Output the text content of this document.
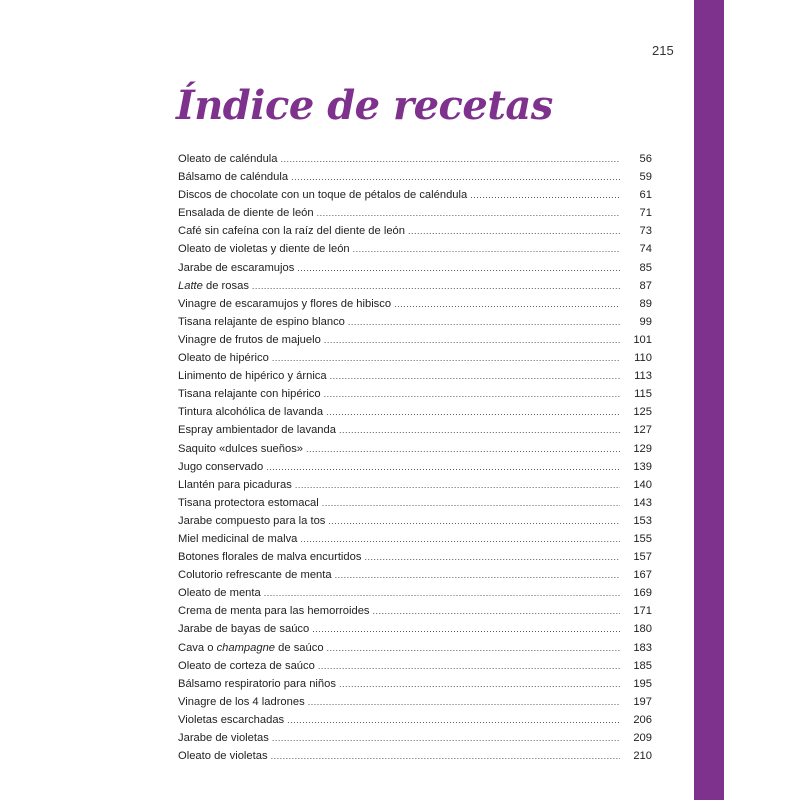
215
Índice de recetas
Oleato de caléndula .....	56
Bálsamo de caléndula .....	59
Discos de chocolate con un toque de pétalos de caléndula .....	61
Ensalada de diente de león .....	71
Café sin cafeína con la raíz del diente de león .....	73
Oleato de violetas y diente de león .....	74
Jarabe de escaramujos .....	85
Latte de rosas .....	87
Vinagre de escaramujos y flores de hibisco .....	89
Tisana relajante de espino blanco .....	99
Vinagre de frutos de majuelo .....	101
Oleato de hipérico .....	110
Linimento de hipérico y árnica .....	113
Tisana relajante con hipérico .....	115
Tintura alcohólica de lavanda .....	125
Espray ambientador de lavanda .....	127
Saquito «dulces sueños» .....	129
Jugo conservado .....	139
Llantén para picaduras .....	140
Tisana protectora estomacal .....	143
Jarabe compuesto para la tos .....	153
Miel medicinal de malva .....	155
Botones florales de malva encurtidos .....	157
Colutorio refrescante de menta .....	167
Oleato de menta .....	169
Crema de menta para las hemorroides .....	171
Jarabe de bayas de saúco .....	180
Cava o champagne de saúco .....	183
Oleato de corteza de saúco .....	185
Bálsamo respiratorio para niños .....	195
Vinagre de los 4 ladrones .....	197
Violetas escarchadas .....	206
Jarabe de violetas .....	209
Oleato de violetas .....	210
